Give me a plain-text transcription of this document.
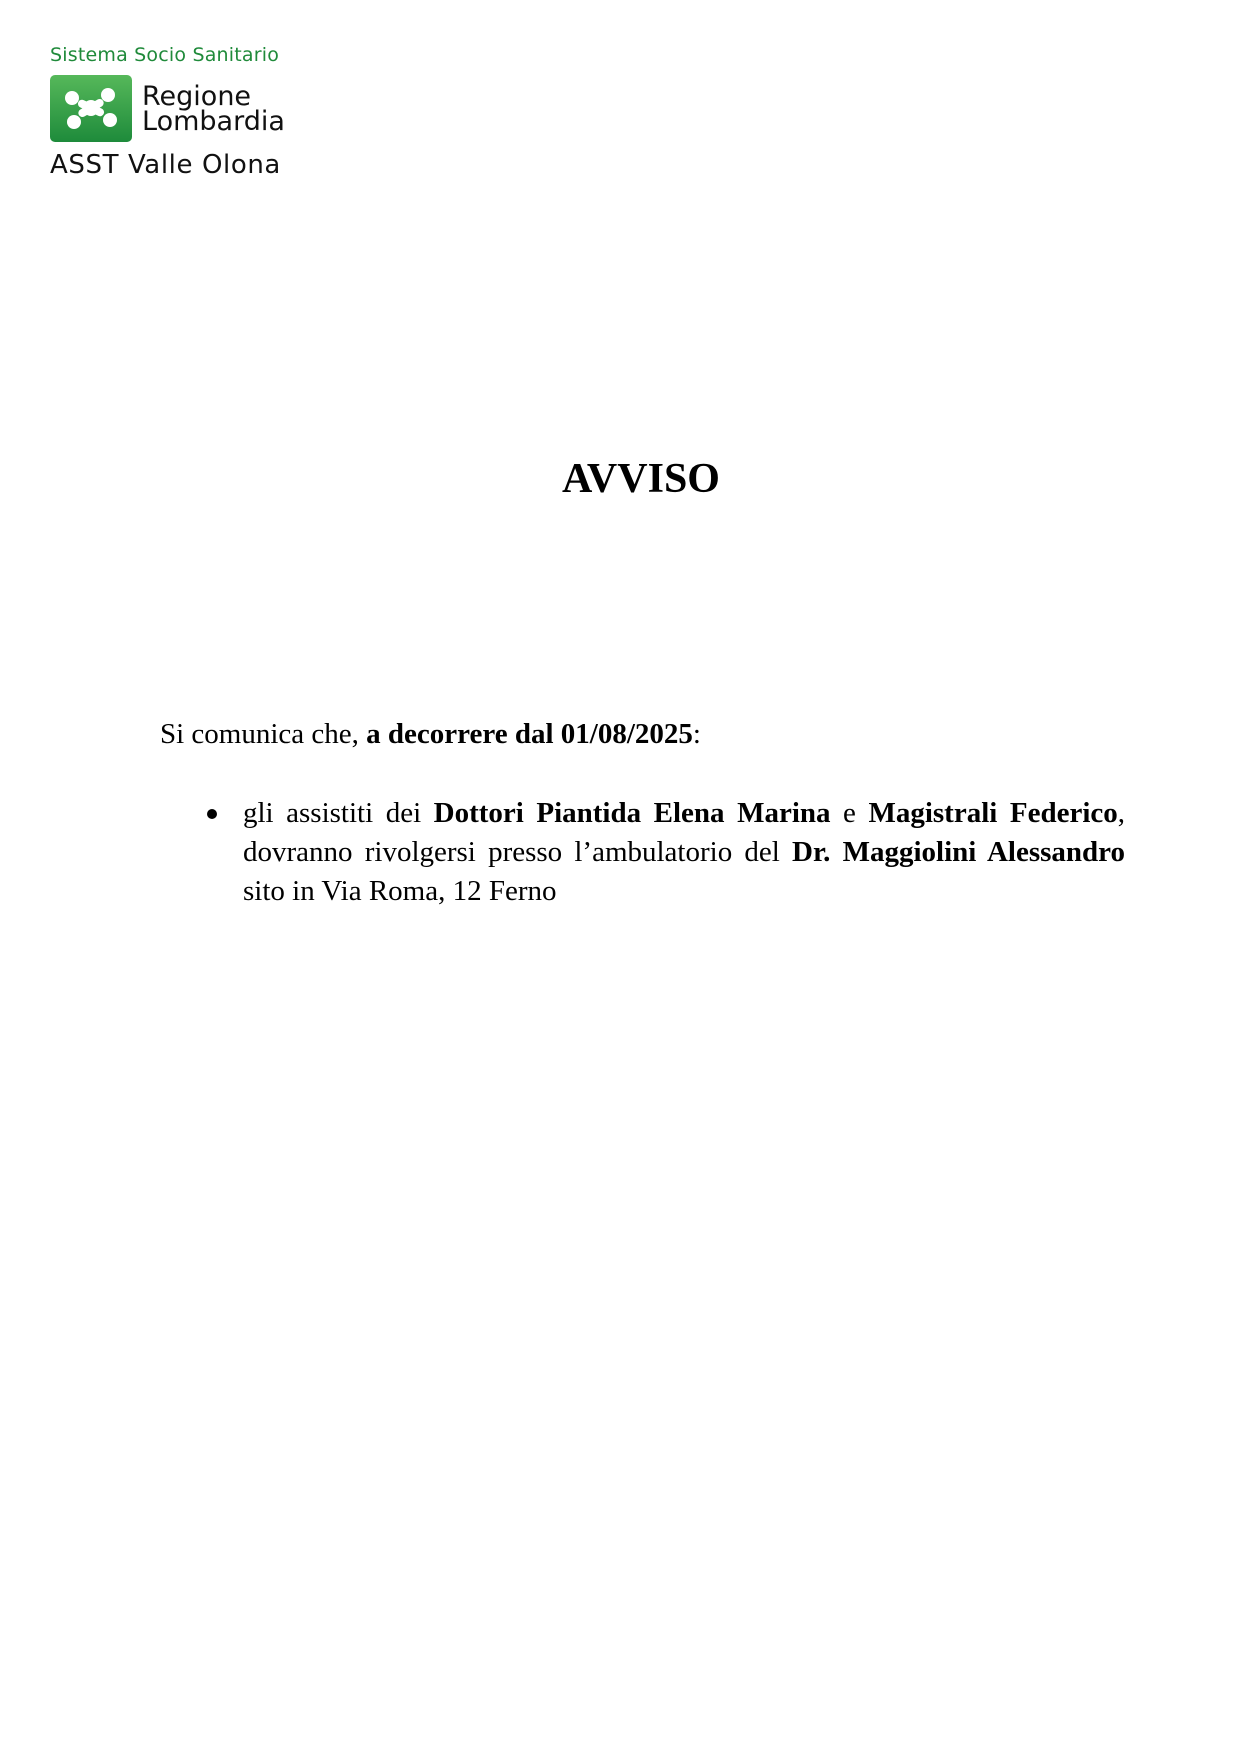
Sistema Socio Sanitario
Regione
Lombardia
ASST Valle Olona
AVVISO
Si comunica che, a decorrere dal 01/08/2025:
gli assistiti dei Dottori Piantida Elena Marina e Magistrali Federico, dovranno rivolgersi presso l’ambulatorio del Dr. Maggiolini Alessandro sito in Via Roma, 12 Ferno
